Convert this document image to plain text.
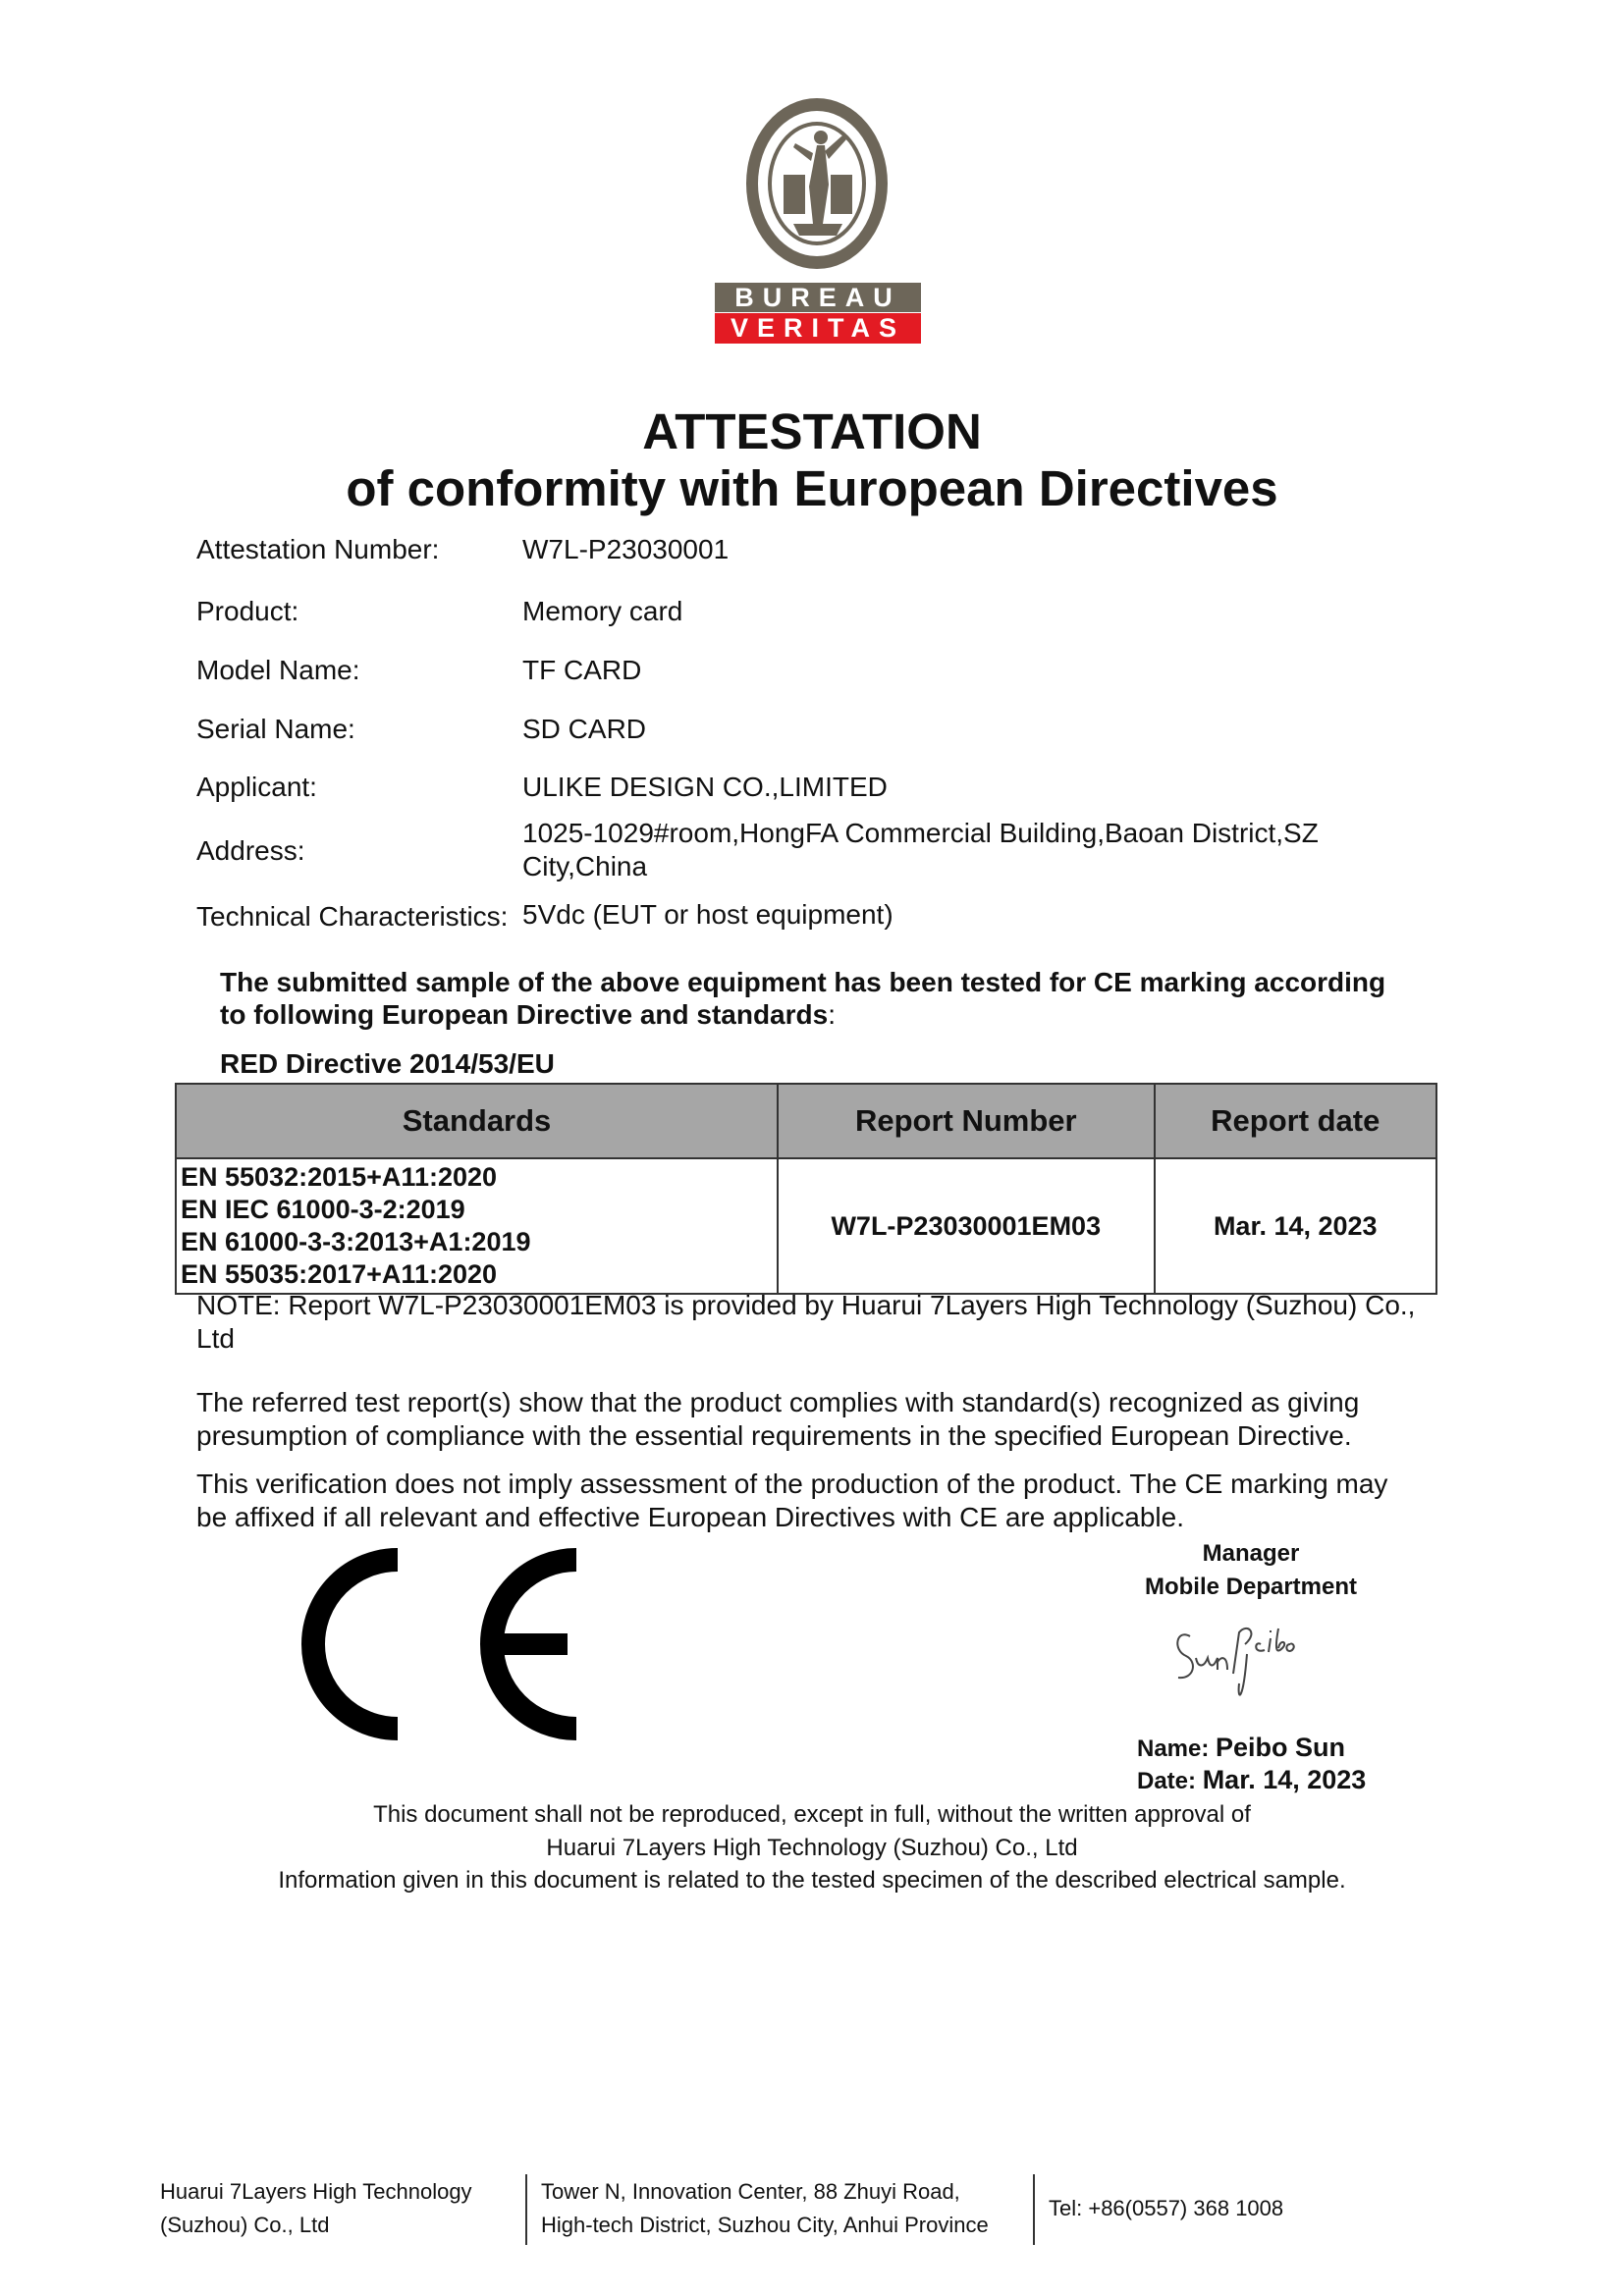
BUREAU
VERITAS
ATTESTATION
of conformity with European Directives
Attestation Number:	W7L-P23030001
Product:	Memory card
Model Name:	TF CARD
Serial Name:	SD CARD
Applicant:	ULIKE DESIGN CO.,LIMITED
Address:
1025-1029#room,HongFA Commercial Building,Baoan District,SZ
City,China
Technical Characteristics: 5Vdc (EUT or host equipment)
The submitted sample of the above equipment has been tested for CE marking according
to following European Directive and standards:
RED Directive 2014/53/EU
Standards	Report Number	Report date

EN 55032:2015+A11:2020
EN IEC 61000-3-2:2019
EN 61000-3-3:2013+A1:2019
EN 55035:2017+A11:2020	W7L-P23030001EM03	Mar. 14, 2023
NOTE: Report W7L-P23030001EM03 is provided by Huarui 7Layers High Technology (Suzhou) Co.,
Ltd
The referred test report(s) show that the product complies with standard(s) recognized as giving
presumption of compliance with the essential requirements in the specified European Directive.
This verification does not imply assessment of the production of the product. The CE marking may
be affixed if all relevant and effective European Directives with CE are applicable.
Manager
Mobile Department
Name: Peibo Sun
Date: Mar. 14, 2023
This document shall not be reproduced, except in full, without the written approval of
Huarui 7Layers High Technology (Suzhou) Co., Ltd
Information given in this document is related to the tested specimen of the described electrical sample.
Huarui 7Layers High Technology
(Suzhou) Co., Ltd
Tower N, Innovation Center, 88 Zhuyi Road,
High-tech District, Suzhou City, Anhui Province
Tel: +86(0557) 368 1008
